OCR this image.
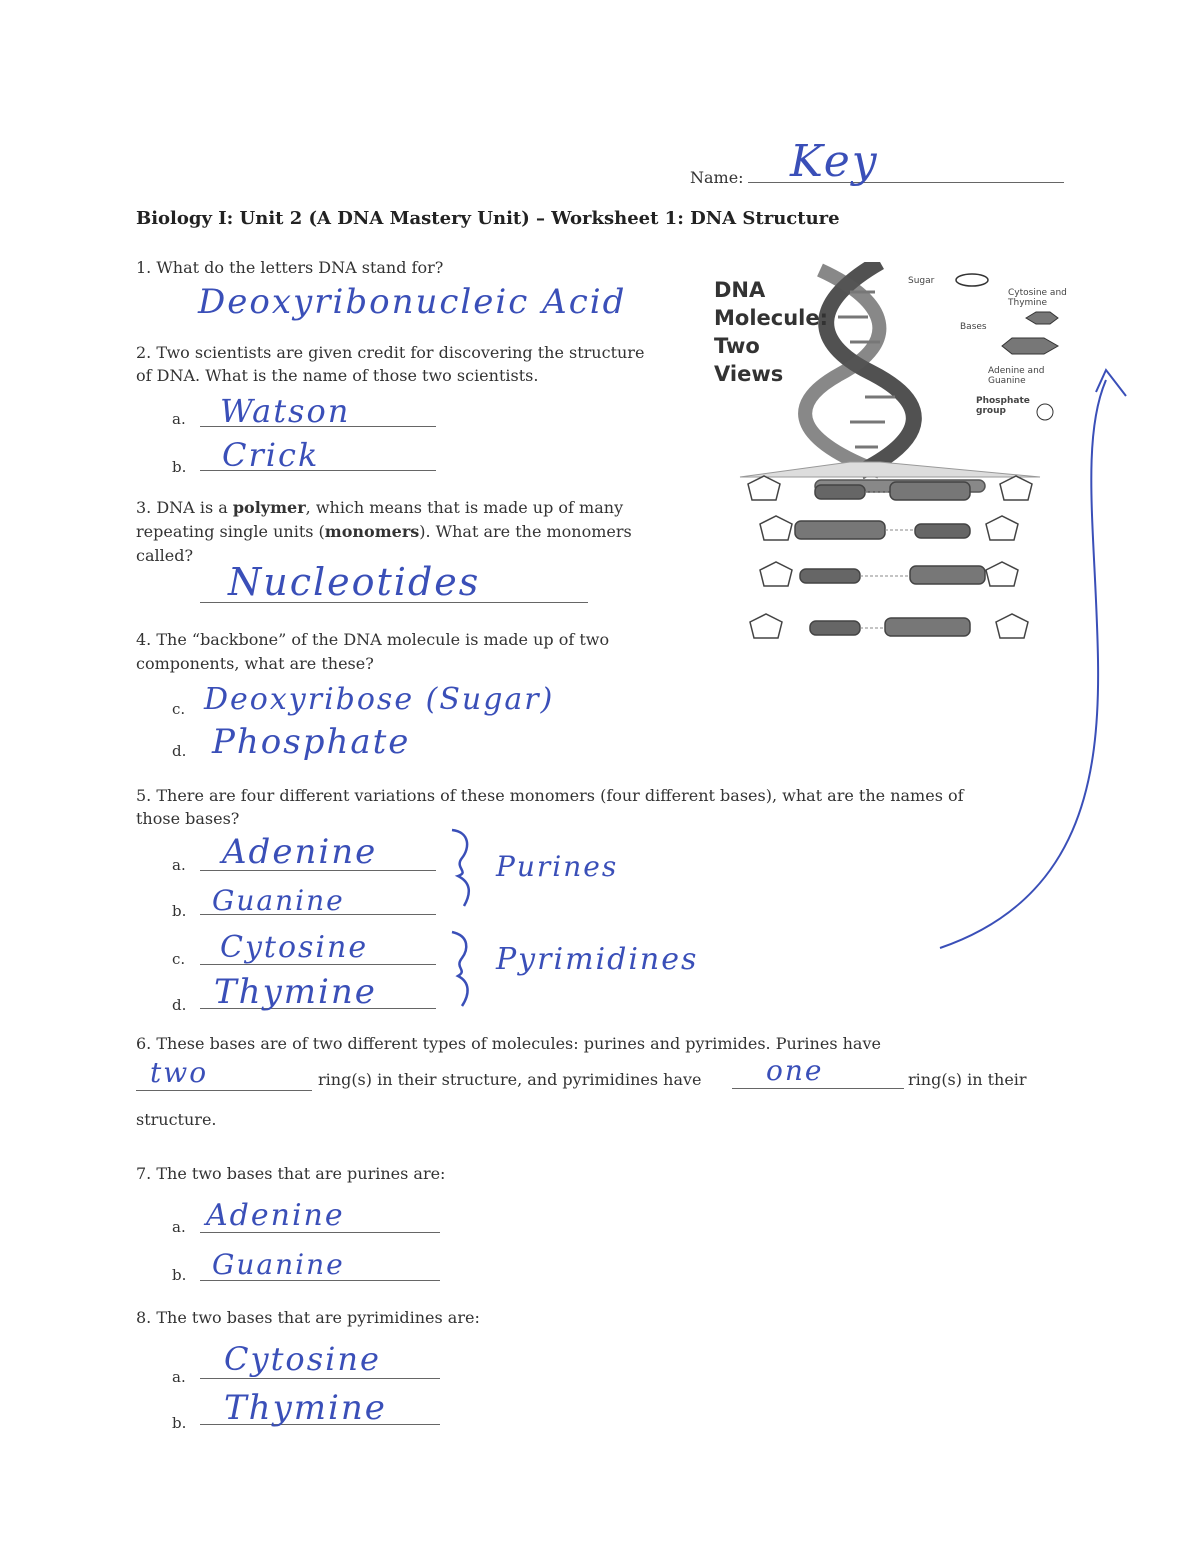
Name: Key
Biology I: Unit 2 (A DNA Mastery Unit) – Worksheet 1: DNA Structure
1. What do the letters DNA stand for?
Deoxyribonucleic Acid
2. Two scientists are given credit for discovering the structure
of DNA. What is the name of those two scientists.
a. Watson
b. Crick
3. DNA is a polymer, which means that is made up of many
repeating single units (monomers). What are the monomers
called?
Nucleotides
4. The “backbone” of the DNA molecule is made up of two
components, what are these?
c. Deoxyribose (Sugar)
d. Phosphate
5. There are four different variations of these monomers (four different bases), what are the names of
those bases?
a. Adenine
b. Guanine
c. Cytosine
d. Thymine
Purines
Pyrimidines
6. These bases are of two different types of molecules: purines and pyrimides. Purines have
two	ring(s) in their structure, and pyrimidines have one	ring(s) in their
structure.
7. The two bases that are purines are:
a. Adenine
b. Guanine
8. The two bases that are pyrimidines are:
a. Cytosine
b. Thymine
DNA
Molecule:
Two
Views
Sugar
Cytosine and Thymine
Bases
Adenine and Guanine
Phosphate group
